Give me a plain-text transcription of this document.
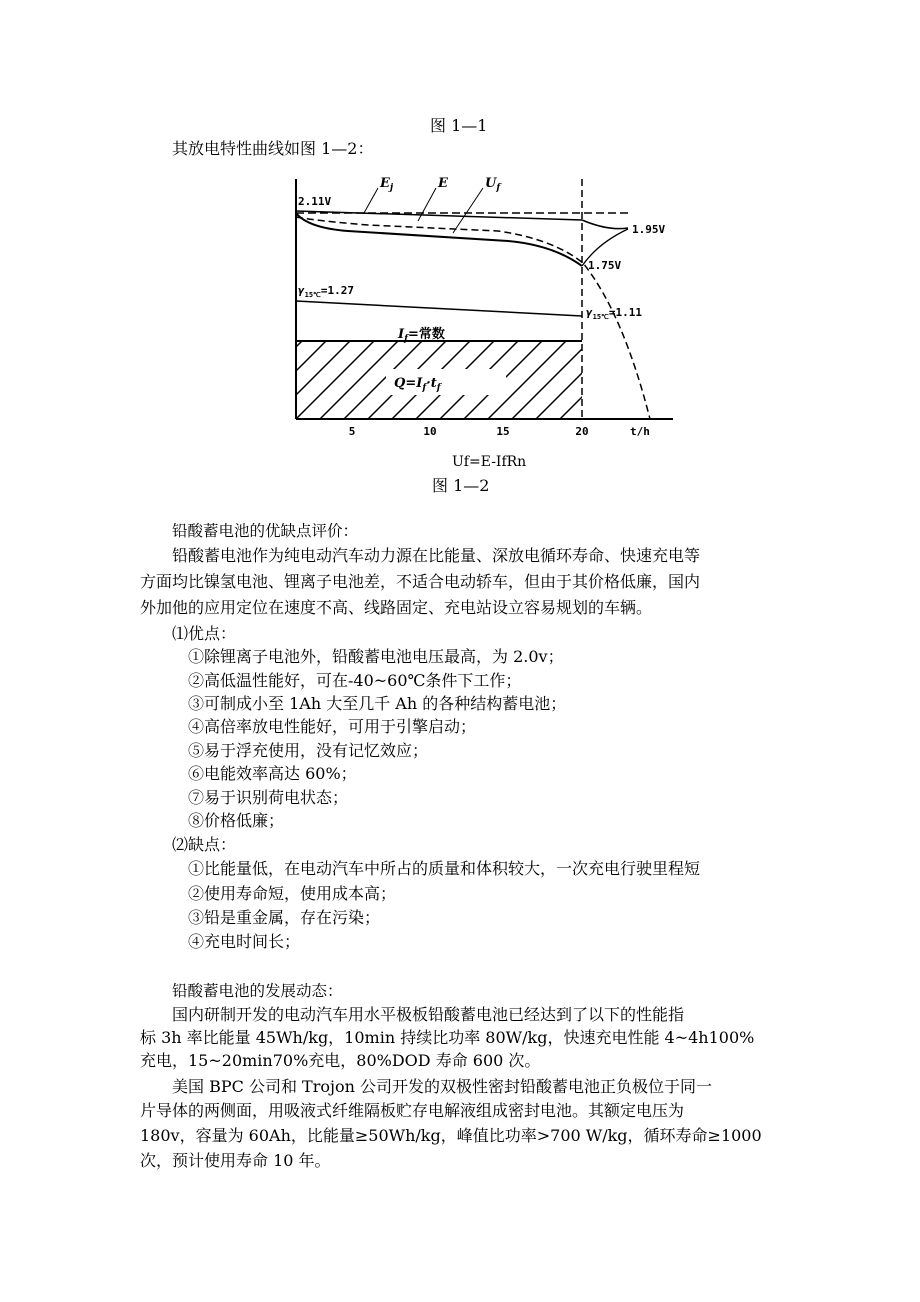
图 1—1
其放电特性曲线如图 1—2：
$E_j$	E	$U_f$
2.11V
1.95V
1.75V
$\gamma_{15℃}=1.27$
$\gamma_{15℃}=1.11$
$I_f=$常数
$Q=I_f\cdot t_f$
5	10	15	20	t/h
Uf=E-IfRn
图 1—2
铅酸蓄电池的优缺点评价：
铅酸蓄电池作为纯电动汽车动力源在比能量、深放电循环寿命、快速充电等
方面均比镍氢电池、锂离子电池差，不适合电动轿车，但由于其价格低廉，国内
外加他的应用定位在速度不高、线路固定、充电站设立容易规划的车辆。
⑴优点：
①除锂离子电池外，铅酸蓄电池电压最高，为 2.0v；
②高低温性能好，可在-40~60℃条件下工作；
③可制成小至 1Ah 大至几千 Ah 的各种结构蓄电池；
④高倍率放电性能好，可用于引擎启动；
⑤易于浮充使用，没有记忆效应；
⑥电能效率高达 60%；
⑦易于识别荷电状态；
⑧价格低廉；
⑵缺点：
①比能量低，在电动汽车中所占的质量和体积较大，一次充电行驶里程短
②使用寿命短，使用成本高；
③铅是重金属，存在污染；
④充电时间长；
铅酸蓄电池的发展动态：
国内研制开发的电动汽车用水平极板铅酸蓄电池已经达到了以下的性能指
标 3h 率比能量 45Wh/kg，10min 持续比功率 80W/kg，快速充电性能 4~4h100%
充电，15~20min70%充电，80%DOD 寿命 600 次。
美国 BPC 公司和 Trojon 公司开发的双极性密封铅酸蓄电池正负极位于同一
片导体的两侧面，用吸液式纤维隔板贮存电解液组成密封电池。其额定电压为
180v，容量为 60Ah，比能量≥50Wh/kg，峰值比功率>700 W/kg，循环寿命≥1000
次，预计使用寿命 10 年。
